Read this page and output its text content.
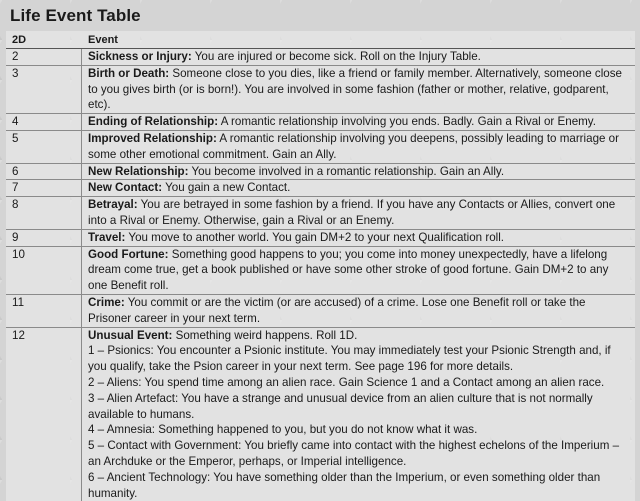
Life Event Table
2D	Event
2	Sickness or Injury: You are injured or become sick. Roll on the Injury Table.
3	Birth or Death: Someone close to you dies, like a friend or family member. Alternatively, someone close to you gives birth (or is born!). You are involved in some fashion (father or mother, relative, godparent, etc).
4	Ending of Relationship: A romantic relationship involving you ends. Badly. Gain a Rival or Enemy.
5	Improved Relationship: A romantic relationship involving you deepens, possibly leading to marriage or some other emotional commitment. Gain an Ally.
6	New Relationship: You become involved in a romantic relationship. Gain an Ally.
7	New Contact: You gain a new Contact.
8	Betrayal: You are betrayed in some fashion by a friend. If you have any Contacts or Allies, convert one into a Rival or Enemy. Otherwise, gain a Rival or an Enemy.
9	Travel: You move to another world. You gain DM+2 to your next Qualification roll.
10	Good Fortune: Something good happens to you; you come into money unexpectedly, have a lifelong dream come true, get a book published or have some other stroke of good fortune. Gain DM+2 to any one Benefit roll.
11	Crime: You commit or are the victim (or are accused) of a crime. Lose one Benefit roll or take the Prisoner career in your next term.
12	Unusual Event: Something weird happens. Roll 1D.
1 – Psionics: You encounter a Psionic institute. You may immediately test your Psionic Strength and, if you qualify, take the Psion career in your next term. See page 196 for more details.
2 – Aliens: You spend time among an alien race. Gain Science 1 and a Contact among an alien race.
3 – Alien Artefact: You have a strange and unusual device from an alien culture that is not normally available to humans.
4 – Amnesia: Something happened to you, but you do not know what it was.
5 – Contact with Government: You briefly came into contact with the highest echelons of the Imperium – an Archduke or the Emperor, perhaps, or Imperial intelligence.
6 – Ancient Technology: You have something older than the Imperium, or even something older than humanity.
